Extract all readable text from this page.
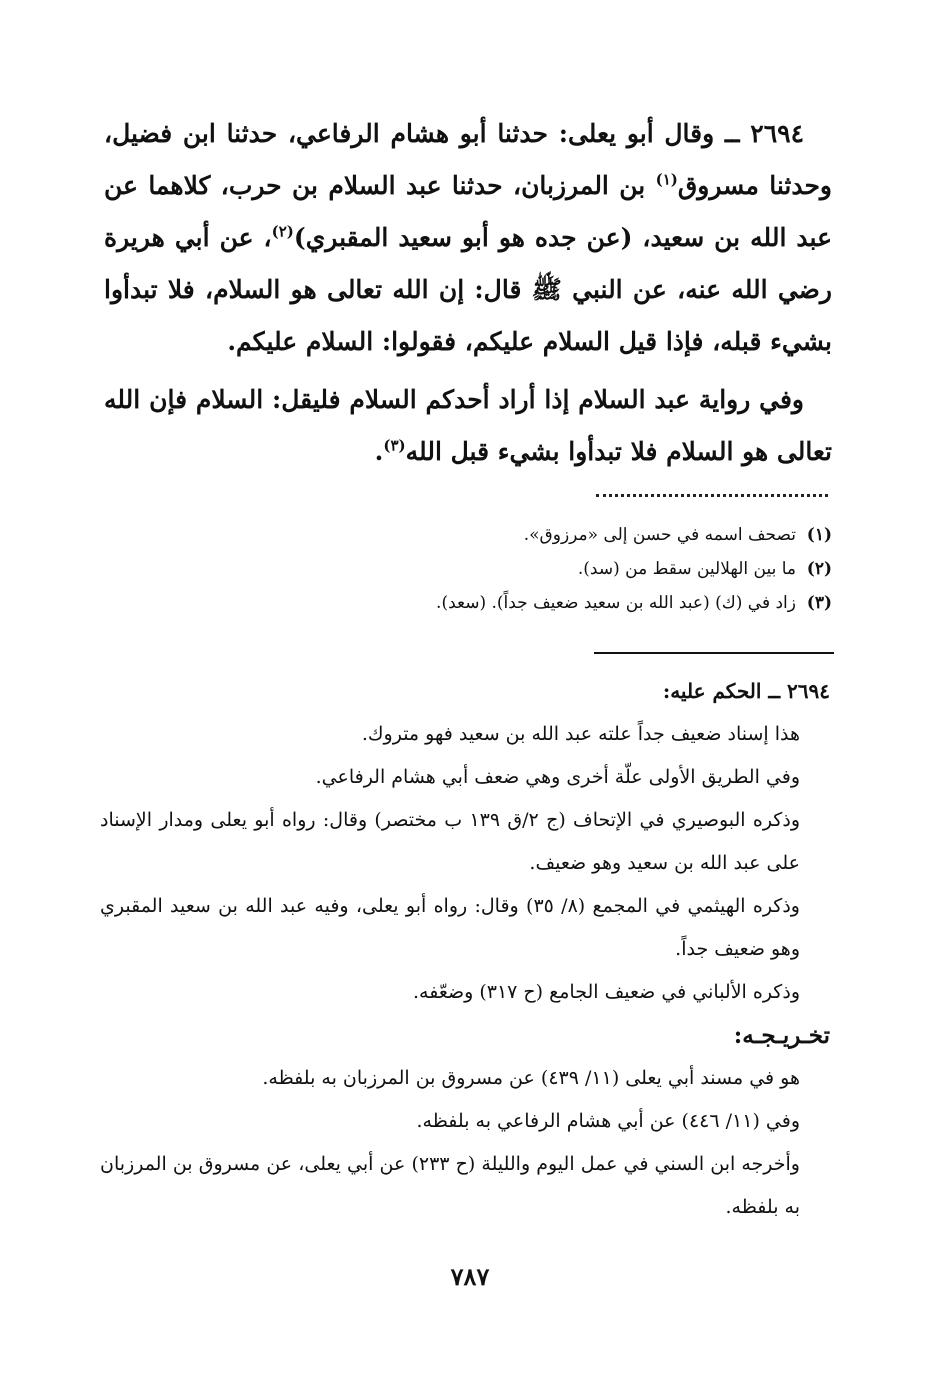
٢٦٩٤ ــ وقال أبو يعلى: حدثنا أبو هشام الرفاعي، حدثنا ابن فضيل، وحدثنا مسروق$^{(١)}$ بن المرزبان، حدثنا عبد السلام بن حرب، كلاهما عن عبد الله بن سعيد، (عن جده هو أبو سعيد المقبري)$^{(٢)}$، عن أبي هريرة رضي الله عنه، عن النبي ﷺ قال: إن الله تعالى هو السلام، فلا تبدأوا بشيء قبله، فإذا قيل السلام عليكم، فقولوا: السلام عليكم.

وفي رواية عبد السلام إذا أراد أحدكم السلام فليقل: السلام فإن الله تعالى هو السلام فلا تبدأوا بشيء قبل الله$^{(٣)}$.

(١)تصحف اسمه في حسن إلى «مرزوق».
(٢)ما بين الهلالين سقط من (سد).
(٣)زاد في (ك) (عبد الله بن سعيد ضعيف جداً). (سعد).
٢٦٩٤ ــ الحكم عليه:
هذا إسناد ضعيف جداً علته عبد الله بن سعيد فهو متروك.
وفي الطريق الأولى علّة أخرى وهي ضعف أبي هشام الرفاعي.
وذكره البوصيري في الإتحاف (ج ٢/ق ١٣٩ ب مختصر) وقال: رواه أبو يعلى ومدار الإسناد على عبد الله بن سعيد وهو ضعيف.
وذكره الهيثمي في المجمع (٨/ ٣٥) وقال: رواه أبو يعلى، وفيه عبد الله بن سعيد المقبري وهو ضعيف جداً.
وذكره الألباني في ضعيف الجامع (ح ٣١٧) وضعّفه.
تخـريـجـه:
هو في مسند أبي يعلى (١١/ ٤٣٩) عن مسروق بن المرزبان به بلفظه.
وفي (١١/ ٤٤٦) عن أبي هشام الرفاعي به بلفظه.
وأخرجه ابن السني في عمل اليوم والليلة (ح ٢٣٣) عن أبي يعلى، عن مسروق بن المرزبان به بلفظه.
٧٨٧
